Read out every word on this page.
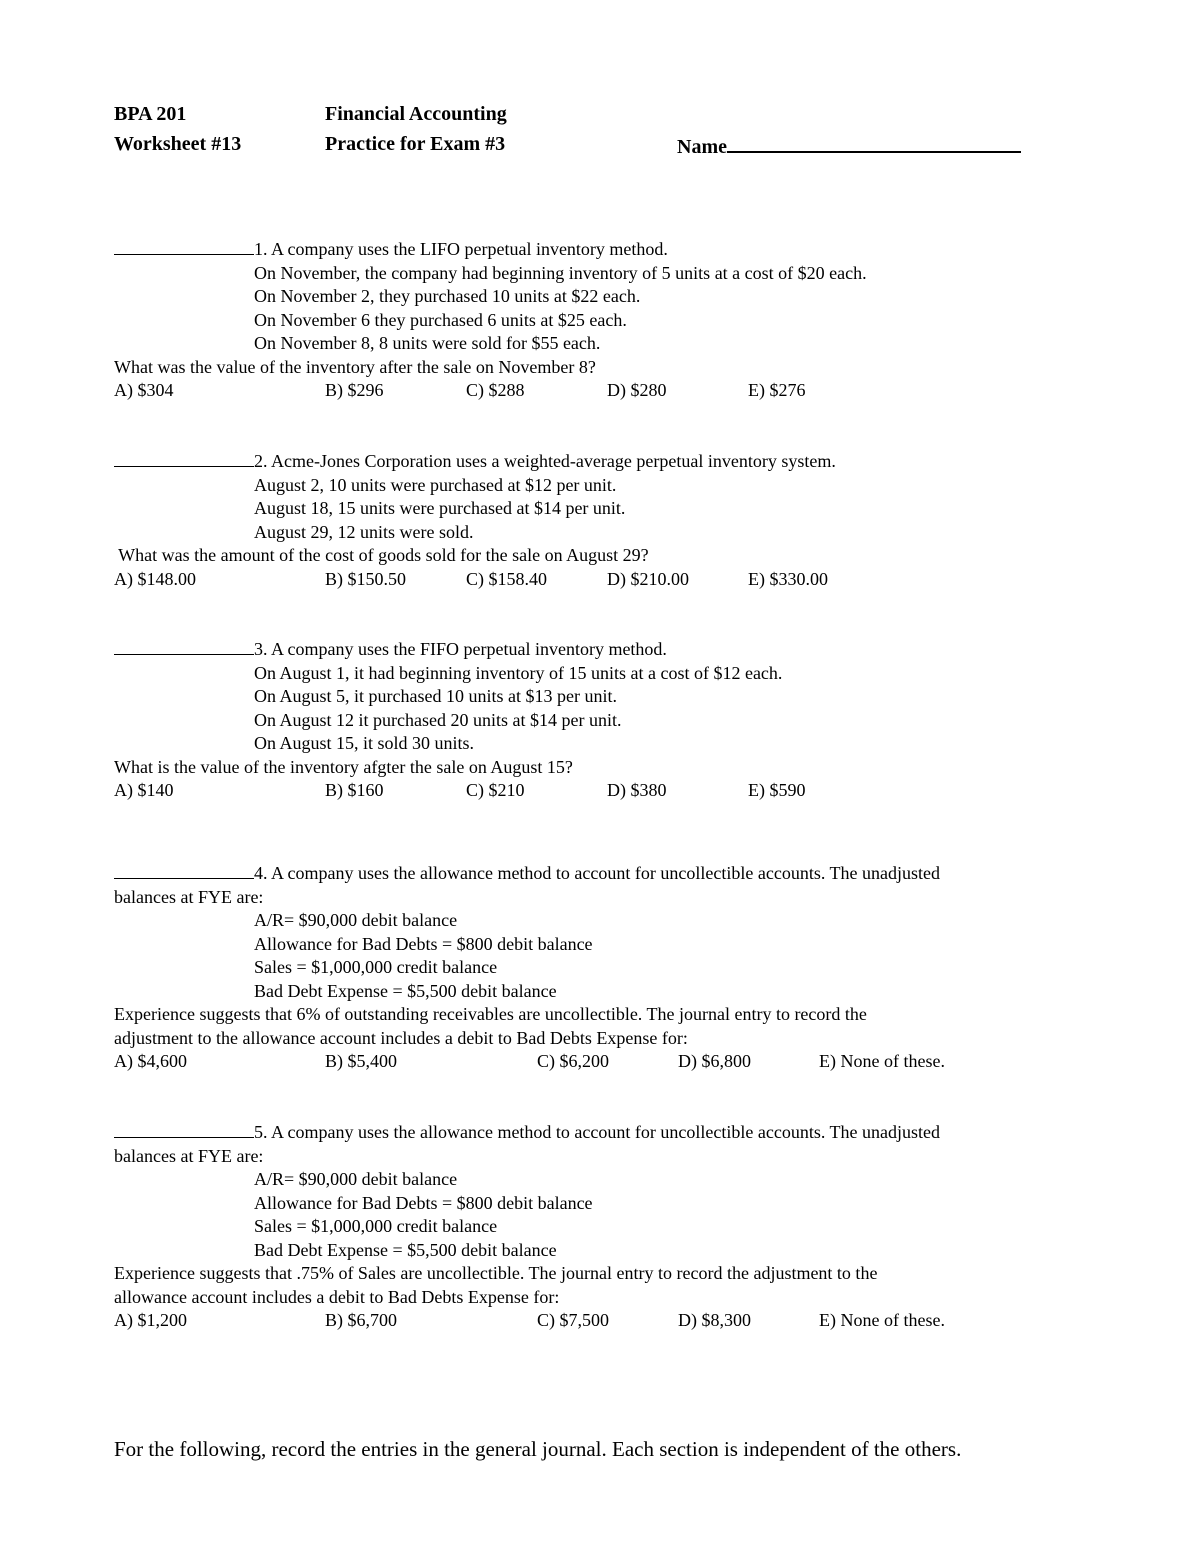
BPA 201	Financial Accounting
Worksheet #13	Practice for Exam #3	Name
1. A company uses the LIFO perpetual inventory method.
On November, the company had beginning inventory of 5 units at a cost of $20 each.
On November 2, they purchased 10 units at $22 each.
On November 6 they purchased 6 units at $25 each.
On November 8, 8 units were sold for $55 each.
What was the value of the inventory after the sale on November 8?
A) $304	B) $296	C) $288	D) $280	E) $276
2. Acme-Jones Corporation uses a weighted-average perpetual inventory system.
August 2, 10 units were purchased at $12 per unit.
August 18, 15 units were purchased at $14 per unit.
August 29, 12 units were sold.
What was the amount of the cost of goods sold for the sale on August 29?
A) $148.00	B) $150.50	C) $158.40	D) $210.00	E) $330.00
3. A company uses the FIFO perpetual inventory method.
On August 1, it had beginning inventory of 15 units at a cost of $12 each.
On August 5, it purchased 10 units at $13 per unit.
On August 12 it purchased 20 units at $14 per unit.
On August 15, it sold 30 units.
What is the value of the inventory afgter the sale on August 15?
A) $140	B) $160	C) $210	D) $380	E) $590
4. A company uses the allowance method to account for uncollectible accounts. The unadjusted
balances at FYE are:
A/R= $90,000 debit balance
Allowance for Bad Debts = $800 debit balance
Sales = $1,000,000 credit balance
Bad Debt Expense = $5,500 debit balance
Experience suggests that 6% of outstanding receivables are uncollectible. The journal entry to record the
adjustment to the allowance account includes a debit to Bad Debts Expense for:
A) $4,600	B) $5,400	C) $6,200	D) $6,800	E) None of these.
5. A company uses the allowance method to account for uncollectible accounts. The unadjusted
balances at FYE are:
A/R= $90,000 debit balance
Allowance for Bad Debts = $800 debit balance
Sales = $1,000,000 credit balance
Bad Debt Expense = $5,500 debit balance
Experience suggests that .75% of Sales are uncollectible. The journal entry to record the adjustment to the
allowance account includes a debit to Bad Debts Expense for:
A) $1,200	B) $6,700	C) $7,500	D) $8,300	E) None of these.
For the following, record the entries in the general journal. Each section is independent of the others.
